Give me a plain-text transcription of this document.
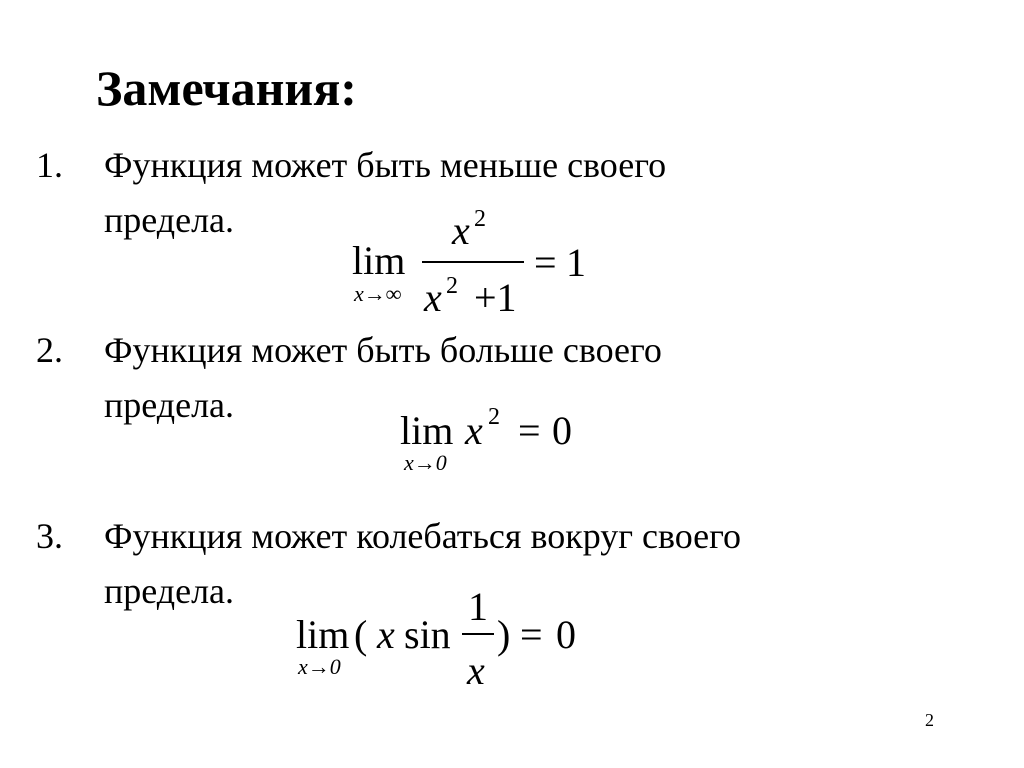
Замечания:
1. Функция может быть меньше своего
предела.
lim
x→∞
x 2
x 2 +1
= 1
2. Функция может быть больше своего
предела.
lim
x→0
x 2 = 0
3. Функция может колебаться вокруг своего
предела.
lim
x→0
( x sin
1
x
) = 0
2
